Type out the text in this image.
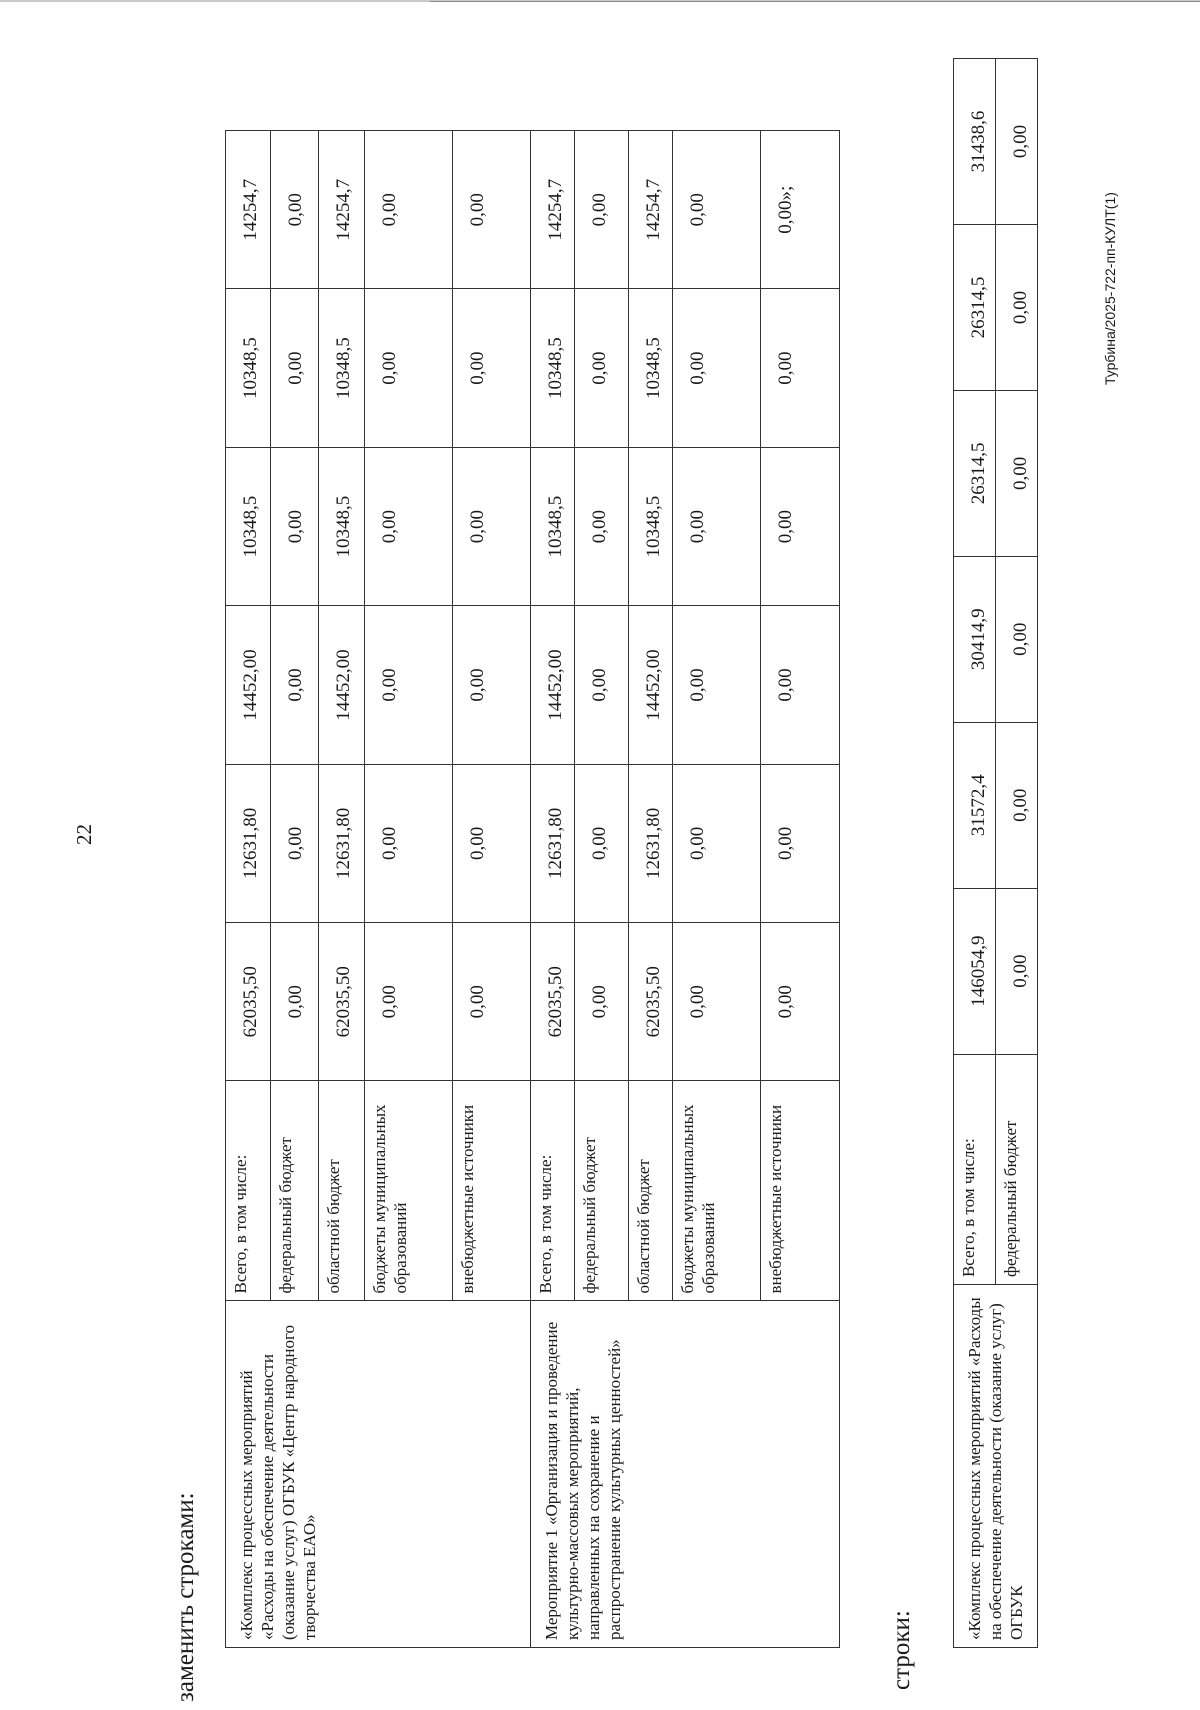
22
заменить строками: «Комплекс процессных мероприятий «Расходы на обеспечение деятельности (оказание услуг) ОГБУК «Центр народного творчества ЕАО»	Всего, в том числе:	62035,50	12631,80	14452,00	10348,5	10348,5	14254,7
	федеральный бюджет	0,00	0,00	0,00	0,00	0,00	0,00
	областной бюджет	62035,50	12631,80	14452,00	10348,5	10348,5	14254,7
	бюджеты муниципальных образований	0,00	0,00	0,00	0,00	0,00	0,00
	внебюджетные источники	0,00	0,00	0,00	0,00	0,00	0,00
Мероприятие 1 «Организация и проведение культурно-массовых мероприятий, направленных на сохранение и распространение культурных ценностей»	Всего, в том числе:	62035,50	12631,80	14452,00	10348,5	10348,5	14254,7
	федеральный бюджет	0,00	0,00	0,00	0,00	0,00	0,00
	областной бюджет	62035,50	12631,80	14452,00	10348,5	10348,5	14254,7
	бюджеты муниципальных образований	0,00	0,00	0,00	0,00	0,00	0,00
	внебюджетные источники	0,00	0,00	0,00	0,00	0,00	0,00»;
строки:
«Комплекс процессных мероприятий «Расходы на обеспечение деятельности (оказание услуг) ОГБУК	Всего, в том числе:	146054,9	31572,4	30414,9	26314,5	26314,5	31438,6
	федеральный бюджет	0,00	0,00	0,00	0,00	0,00	0,00
Турбина/2025-722-пп-КУЛТ(1)
